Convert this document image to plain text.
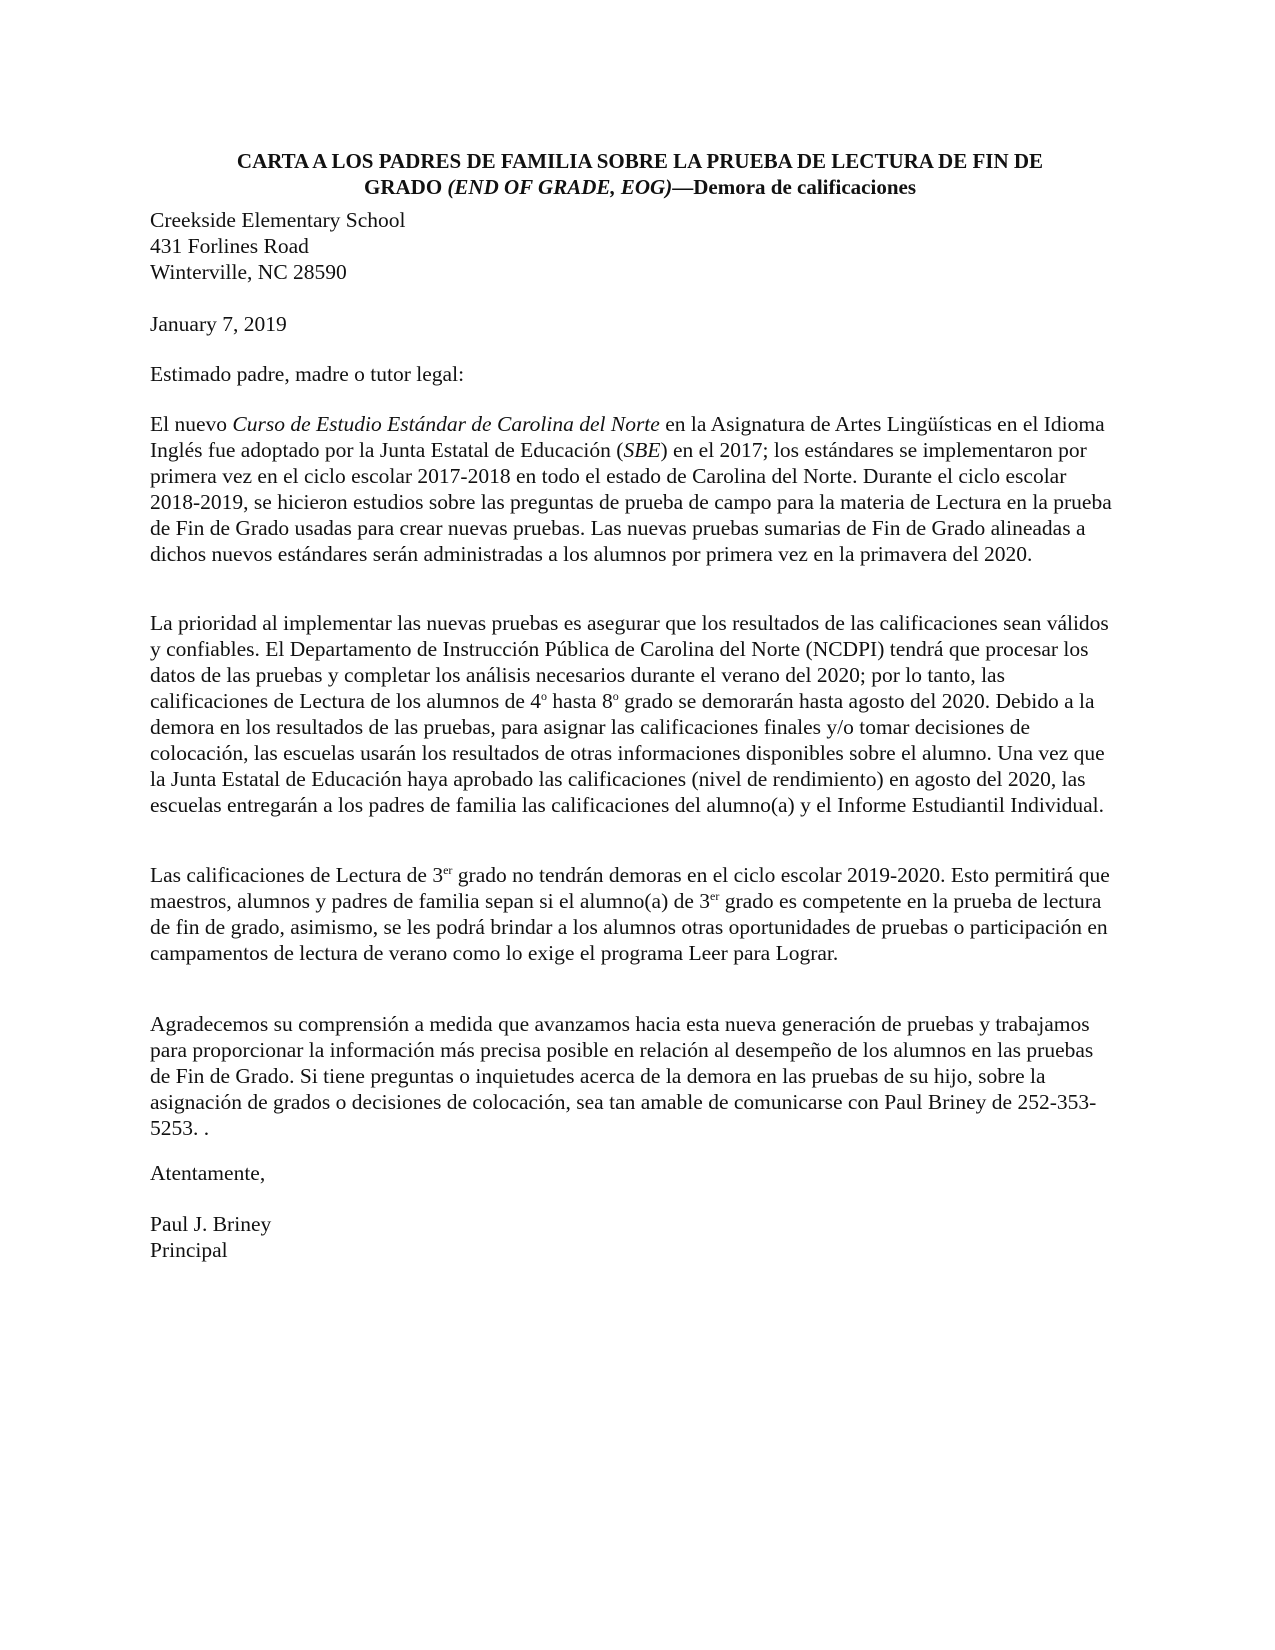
CARTA A LOS PADRES DE FAMILIA SOBRE LA PRUEBA DE LECTURA DE FIN DE
GRADO (END OF GRADE, EOG)—Demora de calificaciones
Creekside Elementary School
431 Forlines Road
Winterville, NC 28590

January 7, 2019

Estimado padre, madre o tutor legal:

El nuevo Curso de Estudio Estándar de Carolina del Norte en la Asignatura de Artes Lingüísticas en el Idioma Inglés fue adoptado por la Junta Estatal de Educación (SBE) en el 2017; los estándares se implementaron por primera vez en el ciclo escolar 2017-2018 en todo el estado de Carolina del Norte. Durante el ciclo escolar 2018-2019, se hicieron estudios sobre las preguntas de prueba de campo para la materia de Lectura en la prueba de Fin de Grado usadas para crear nuevas pruebas. Las nuevas pruebas sumarias de Fin de Grado alineadas a dichos nuevos estándares serán administradas a los alumnos por primera vez en la primavera del 2020.

La prioridad al implementar las nuevas pruebas es asegurar que los resultados de las calificaciones sean válidos y confiables. El Departamento de Instrucción Pública de Carolina del Norte (NCDPI) tendrá que procesar los datos de las pruebas y completar los análisis necesarios durante el verano del 2020; por lo tanto, las calificaciones de Lectura de los alumnos de 4$^o$ hasta 8$^o$ grado se demorarán hasta agosto del 2020. Debido a la demora en los resultados de las pruebas, para asignar las calificaciones finales y/o tomar decisiones de colocación, las escuelas usarán los resultados de otras informaciones disponibles sobre el alumno. Una vez que la Junta Estatal de Educación haya aprobado las calificaciones (nivel de rendimiento) en agosto del 2020, las escuelas entregarán a los padres de familia las calificaciones del alumno(a) y el Informe Estudiantil Individual.

Las calificaciones de Lectura de 3er grado no tendrán demoras en el ciclo escolar 2019-2020. Esto permitirá que maestros, alumnos y padres de familia sepan si el alumno(a) de 3er grado es competente en la prueba de lectura de fin de grado, asimismo, se les podrá brindar a los alumnos otras oportunidades de pruebas o participación en campamentos de lectura de verano como lo exige el programa Leer para Lograr.

Agradecemos su comprensión a medida que avanzamos hacia esta nueva generación de pruebas y trabajamos para proporcionar la información más precisa posible en relación al desempeño de los alumnos en las pruebas de Fin de Grado. Si tiene preguntas o inquietudes acerca de la demora en las pruebas de su hijo, sobre la asignación de grados o decisiones de colocación, sea tan amable de comunicarse con Paul Briney de 252-353-5253. .

Atentamente,

Paul J. Briney
Principal
